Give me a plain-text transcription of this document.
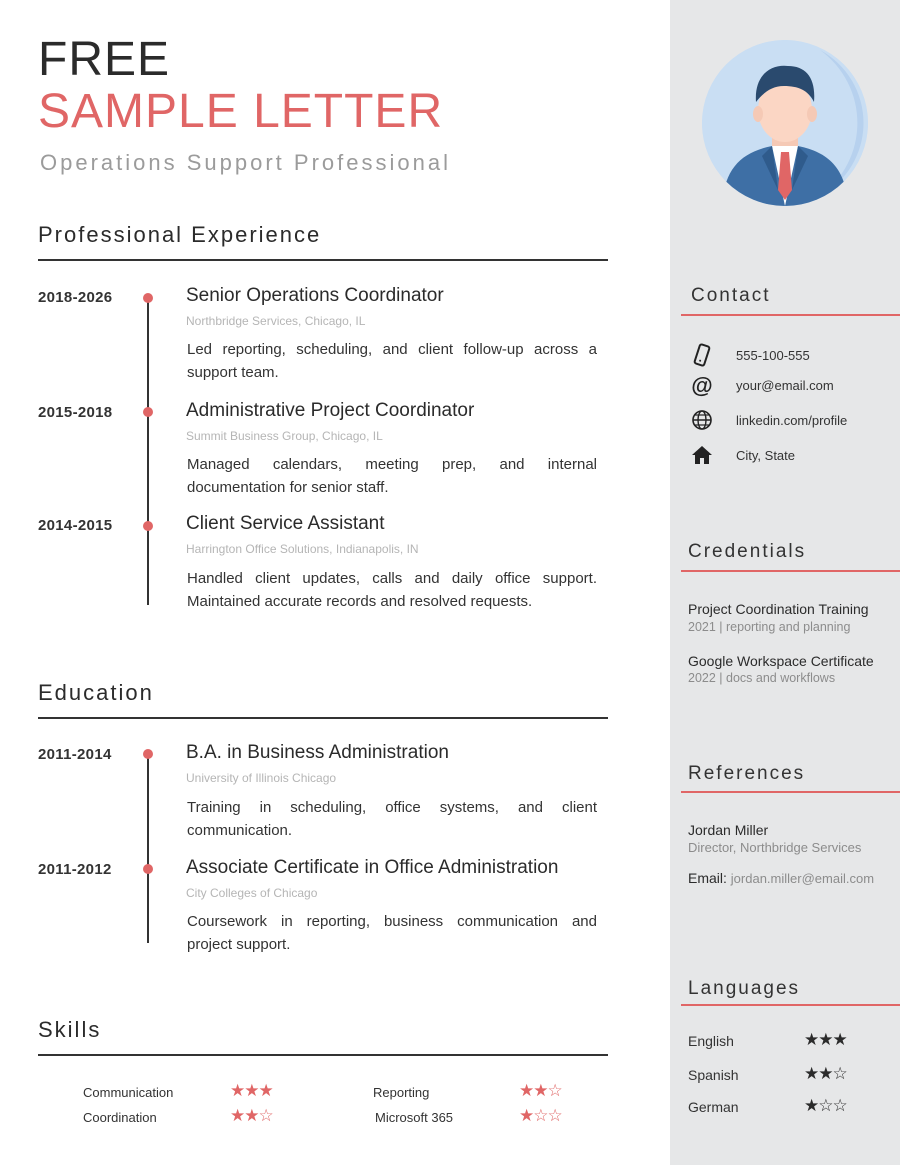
FREE
SAMPLE LETTER
Operations Support Professional
Professional Experience
2018-2026	Senior Operations Coordinator
Northbridge Services, Chicago, IL
Led reporting, scheduling, and client follow-up across a support team.
2015-2018	Administrative Project Coordinator
Summit Business Group, Chicago, IL
Managed calendars, meeting prep, and internal documentation for senior staff.
2014-2015	Client Service Assistant
Harrington Office Solutions, Indianapolis, IN
Handled client updates, calls and daily office support. Maintained accurate records and resolved requests.
Education
2011-2014	B.A. in Business Administration
University of Illinois Chicago
Training in scheduling, office systems, and client communication.
2011-2012	Associate Certificate in Office Administration
City Colleges of Chicago
Coursework in reporting, business communication and project support.
Skills
Communication	★★★
Coordination	★★☆
Reporting	★★☆
Microsoft 365	★☆☆
Contact
555-100-555
@ your@email.com
linkedin.com/profile
City, State
Credentials
Project Coordination Training
2021 | reporting and planning
Google Workspace Certificate
2022 | docs and workflows
References
Jordan Miller
Director, Northbridge Services
Email: jordan.miller@email.com
Languages
English	★★★
Spanish	★★☆
German	★☆☆
